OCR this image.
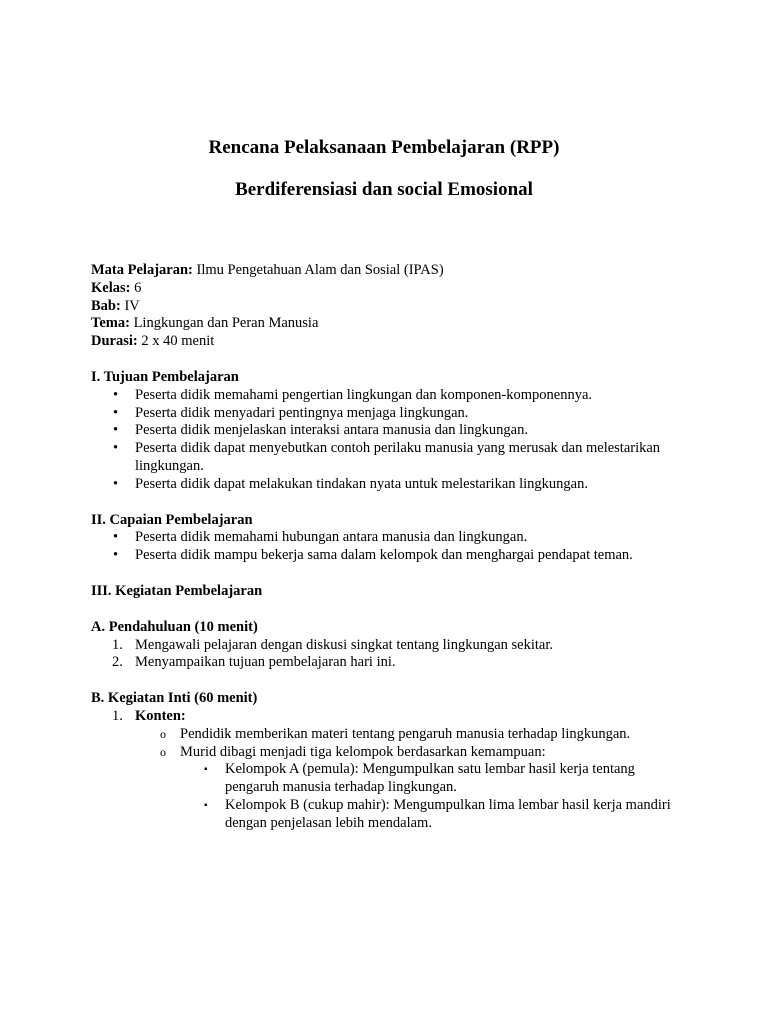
Rencana Pelaksanaan Pembelajaran (RPP)
Berdiferensiasi dan social Emosional
Mata Pelajaran: Ilmu Pengetahuan Alam dan Sosial (IPAS)
Kelas: 6
Bab: IV
Tema: Lingkungan dan Peran Manusia
Durasi: 2 x 40 menit
I. Tujuan Pembelajaran
• Peserta didik memahami pengertian lingkungan dan komponen-komponennya.
• Peserta didik menyadari pentingnya menjaga lingkungan.
• Peserta didik menjelaskan interaksi antara manusia dan lingkungan.
• Peserta didik dapat menyebutkan contoh perilaku manusia yang merusak dan melestarikan lingkungan.
• Peserta didik dapat melakukan tindakan nyata untuk melestarikan lingkungan.
II. Capaian Pembelajaran
• Peserta didik memahami hubungan antara manusia dan lingkungan.
• Peserta didik mampu bekerja sama dalam kelompok dan menghargai pendapat teman.
III. Kegiatan Pembelajaran
A. Pendahuluan (10 menit)
1. Mengawali pelajaran dengan diskusi singkat tentang lingkungan sekitar.
2. Menyampaikan tujuan pembelajaran hari ini.
B. Kegiatan Inti (60 menit)
1. Konten:
o Pendidik memberikan materi tentang pengaruh manusia terhadap lingkungan.
o Murid dibagi menjadi tiga kelompok berdasarkan kemampuan:
▪ Kelompok A (pemula): Mengumpulkan satu lembar hasil kerja tentang pengaruh manusia terhadap lingkungan.
▪ Kelompok B (cukup mahir): Mengumpulkan lima lembar hasil kerja mandiri dengan penjelasan lebih mendalam.
